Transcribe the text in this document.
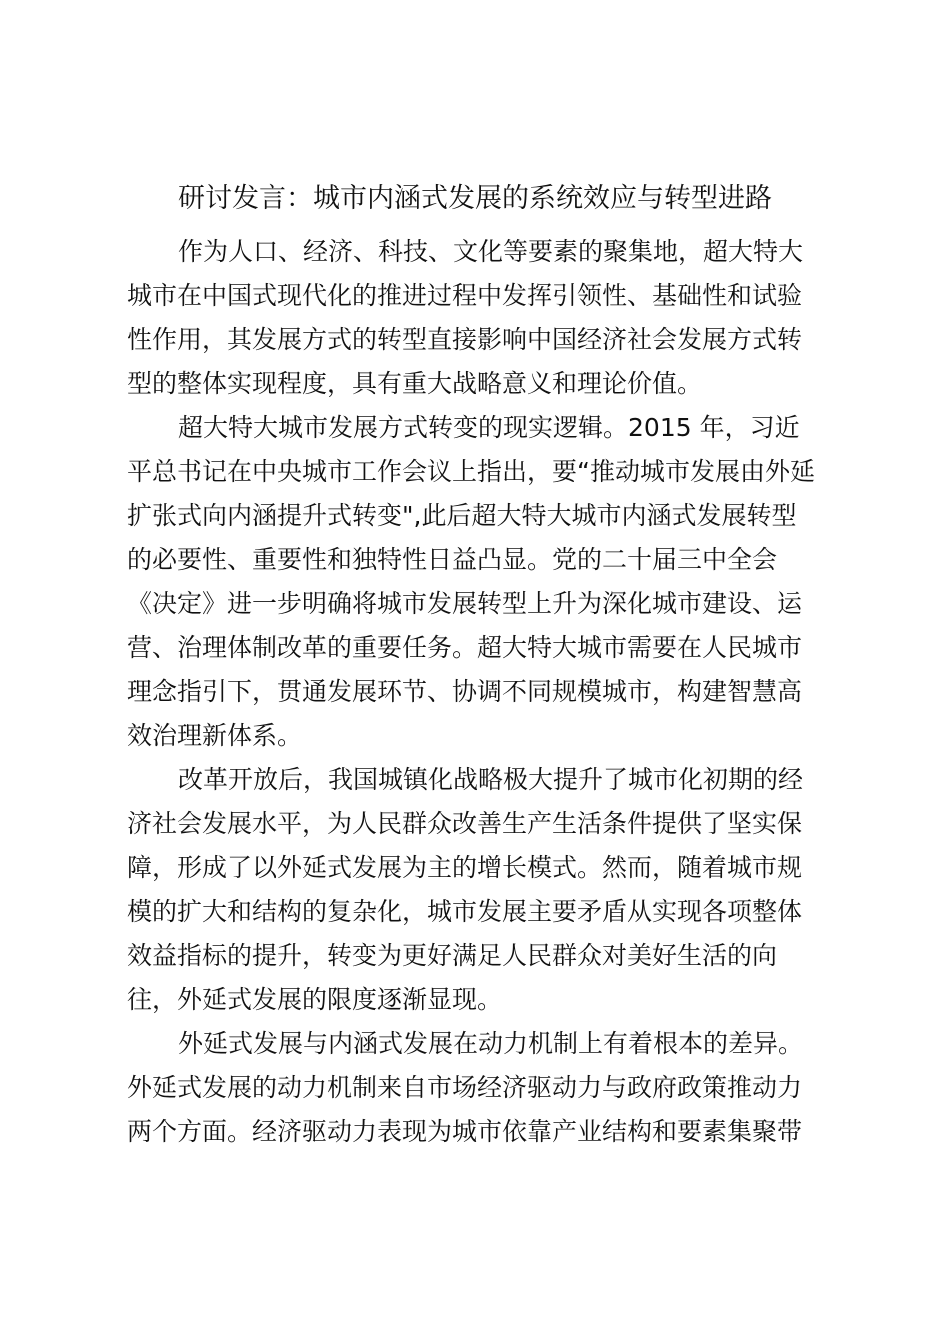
研讨发言：城市内涵式发展的系统效应与转型进路
作为人口、经济、科技、文化等要素的聚集地，超大特大
城市在中国式现代化的推进过程中发挥引领性、基础性和试验
性作用，其发展方式的转型直接影响中国经济社会发展方式转
型的整体实现程度，具有重大战略意义和理论价值。
超大特大城市发展方式转变的现实逻辑。2015 年，习近
平总书记在中央城市工作会议上指出，要“推动城市发展由外延
扩张式向内涵提升式转变",此后超大特大城市内涵式发展转型
的必要性、重要性和独特性日益凸显。党的二十届三中全会
《决定》进一步明确将城市发展转型上升为深化城市建设、运
营、治理体制改革的重要任务。超大特大城市需要在人民城市
理念指引下，贯通发展环节、协调不同规模城市，构建智慧高
效治理新体系。
改革开放后，我国城镇化战略极大提升了城市化初期的经
济社会发展水平，为人民群众改善生产生活条件提供了坚实保
障，形成了以外延式发展为主的增长模式。然而，随着城市规
模的扩大和结构的复杂化，城市发展主要矛盾从实现各项整体
效益指标的提升，转变为更好满足人民群众对美好生活的向
往，外延式发展的限度逐渐显现。
外延式发展与内涵式发展在动力机制上有着根本的差异。
外延式发展的动力机制来自市场经济驱动力与政府政策推动力
两个方面。经济驱动力表现为城市依靠产业结构和要素集聚带
